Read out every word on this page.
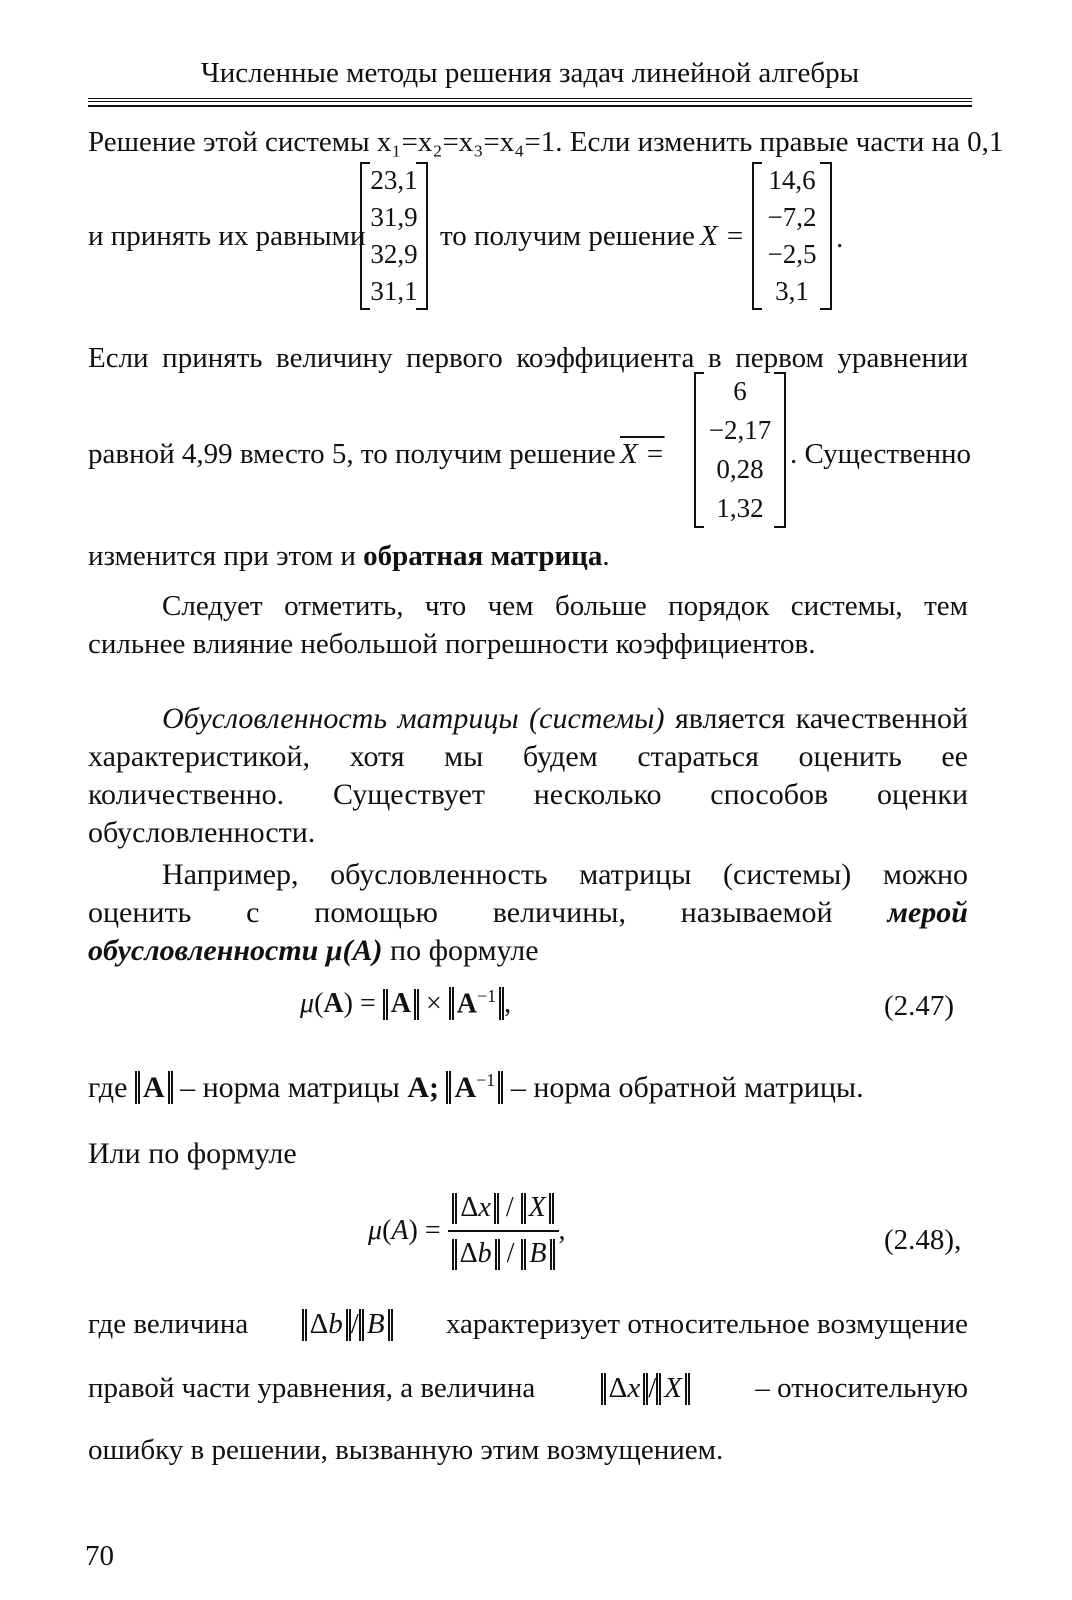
Численные методы решения задач линейной алгебры
Решение этой системы x₁=x₂=x₃=x₄=1. Если изменить правые части на 0,1
и принять их равными
23,1
31,9
32,9
31,1
то получим решение X =
14,6
−7,2
−2,5
3,1
.
Если принять величину первого коэффициента в первом уравнении
равной 4,99 вместо 5, то получим решение X =
6
−2,17
0,28
1,32
. Существенно
изменится при этом и обратная матрица.
Следует отметить, что чем больше порядок системы, тем сильнее влияние небольшой погрешности коэффициентов.
Обусловленность матрицы (системы) является качественной характеристикой, хотя мы будем стараться оценить ее количественно. Существует несколько способов оценки обусловленности.
Например, обусловленность матрицы (системы) можно оценить с помощью величины, называемой мерой обусловленности μ(A) по формуле
$\mu(A) = A \times A^{-1}$ ,	(2.47)
где A – норма матрицы A; $A^{-1}$ – норма обратной матрицы.
Или по формуле
$\mu(A) = \frac{\Delta x / X}{\Delta b / B}$ ,	(2.48),
где величина Δb / B характеризует относительное возмущение
правой части уравнения, а величина	Δx / X	– относительную
ошибку в решении, вызванную этим возмущением.
70
